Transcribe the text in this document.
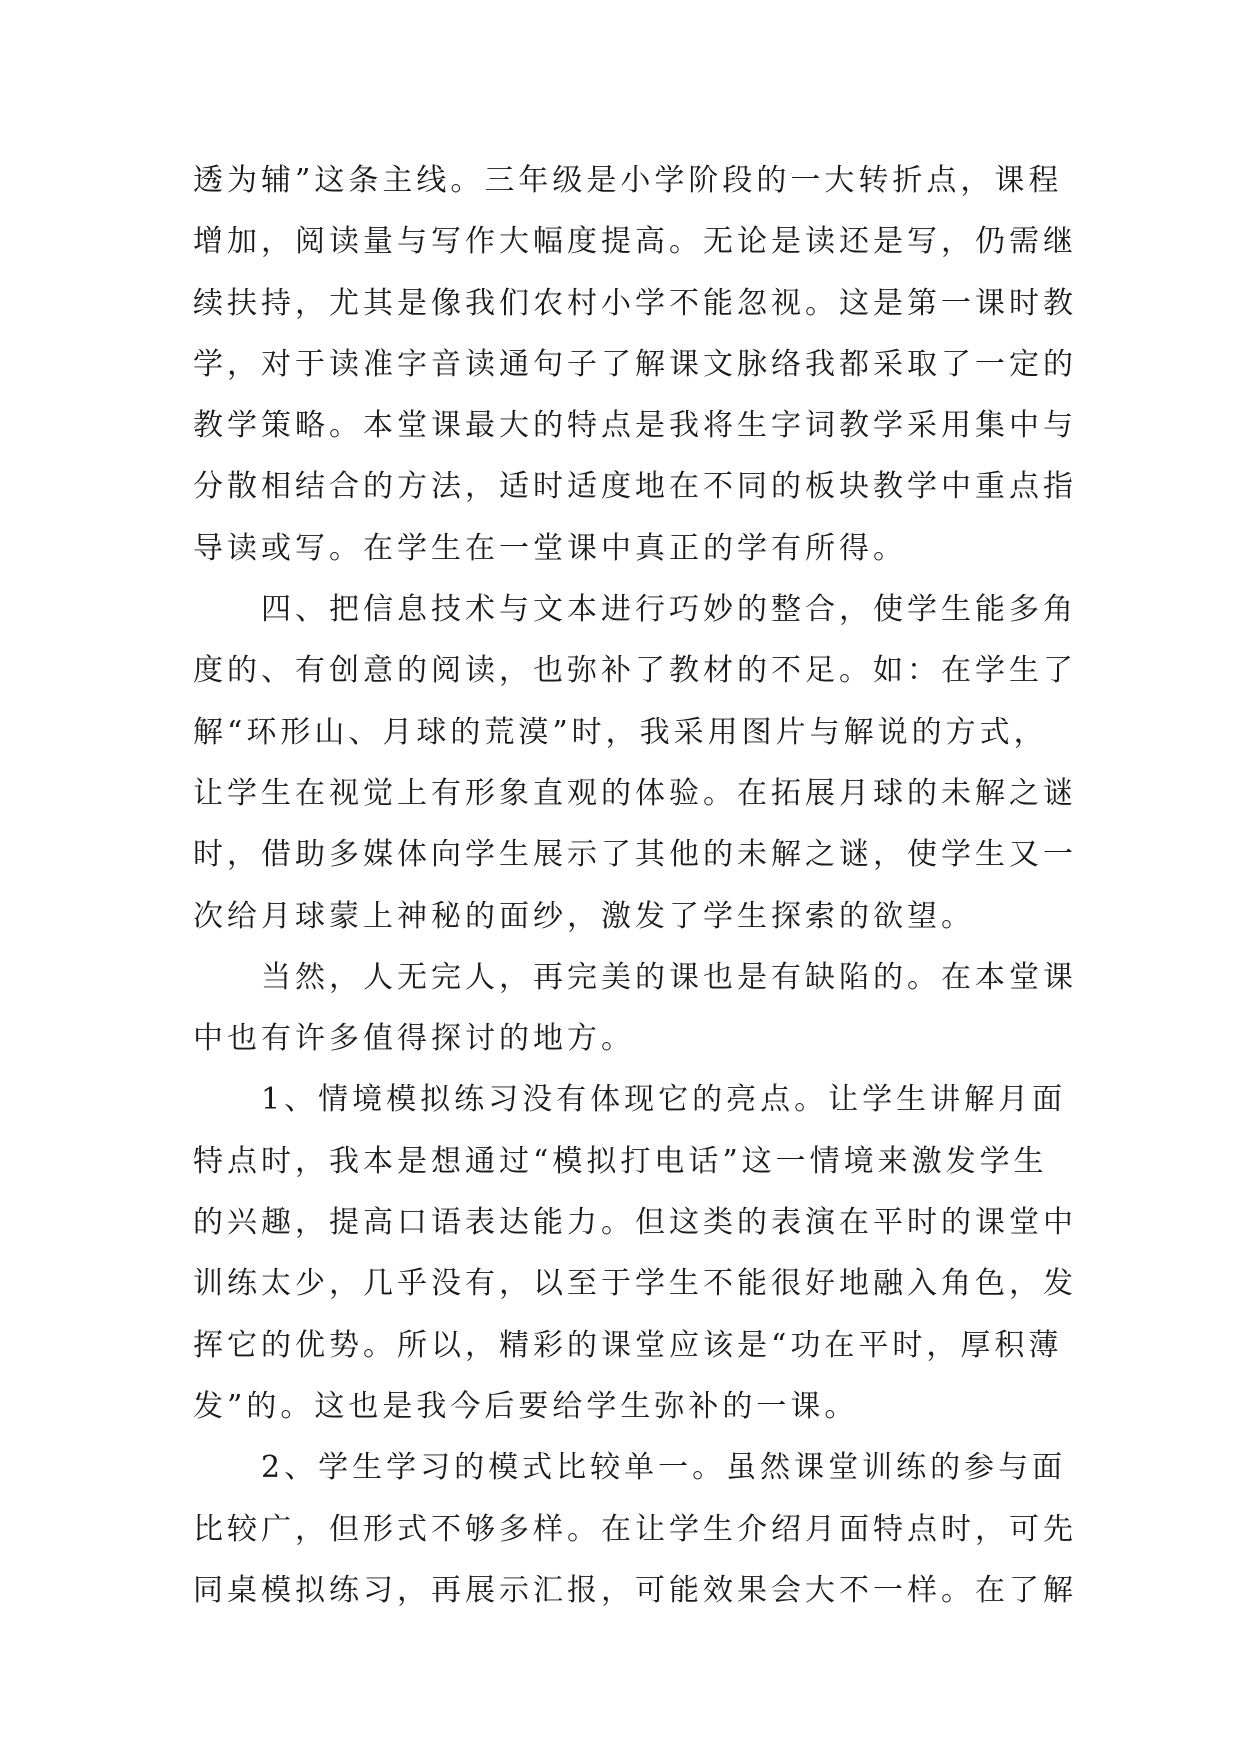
透为辅”这条主线。三年级是小学阶段的一大转折点，课程
增加，阅读量与写作大幅度提高。无论是读还是写，仍需继
续扶持，尤其是像我们农村小学不能忽视。这是第一课时教
学，对于读准字音读通句子了解课文脉络我都采取了一定的
教学策略。本堂课最大的特点是我将生字词教学采用集中与
分散相结合的方法，适时适度地在不同的板块教学中重点指
导读或写。在学生在一堂课中真正的学有所得。
　　四、把信息技术与文本进行巧妙的整合，使学生能多角
度的、有创意的阅读，也弥补了教材的不足。如：在学生了
解“环形山、月球的荒漠”时，我采用图片与解说的方式，
让学生在视觉上有形象直观的体验。在拓展月球的未解之谜
时，借助多媒体向学生展示了其他的未解之谜，使学生又一
次给月球蒙上神秘的面纱，激发了学生探索的欲望。
　　当然，人无完人，再完美的课也是有缺陷的。在本堂课
中也有许多值得探讨的地方。
　　1、情境模拟练习没有体现它的亮点。让学生讲解月面
特点时，我本是想通过“模拟打电话”这一情境来激发学生
的兴趣，提高口语表达能力。但这类的表演在平时的课堂中
训练太少，几乎没有，以至于学生不能很好地融入角色，发
挥它的优势。所以，精彩的课堂应该是“功在平时，厚积薄
发”的。这也是我今后要给学生弥补的一课。
　　2、学生学习的模式比较单一。虽然课堂训练的参与面
比较广，但形式不够多样。在让学生介绍月面特点时，可先
同桌模拟练习，再展示汇报，可能效果会大不一样。在了解
